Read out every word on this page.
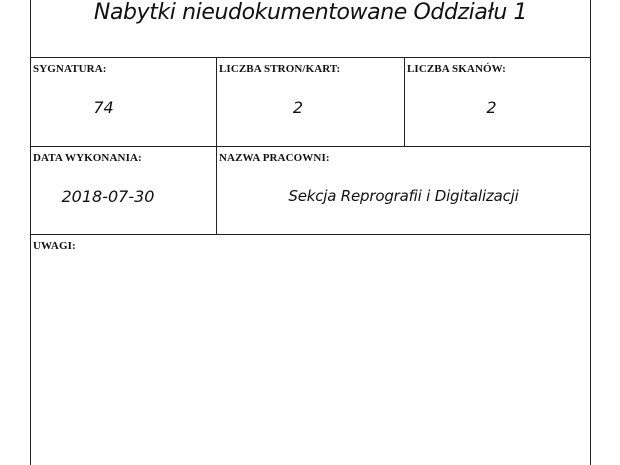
Nabytki nieudokumentowane Oddziału 1
SYGNATURA:
74
LICZBA STRON/KART:
2
LICZBA SKANÓW:
2
DATA WYKONANIA:
2018-07-30
NAZWA PRACOWNI:
Sekcja Reprografii i Digitalizacji
UWAGI:
